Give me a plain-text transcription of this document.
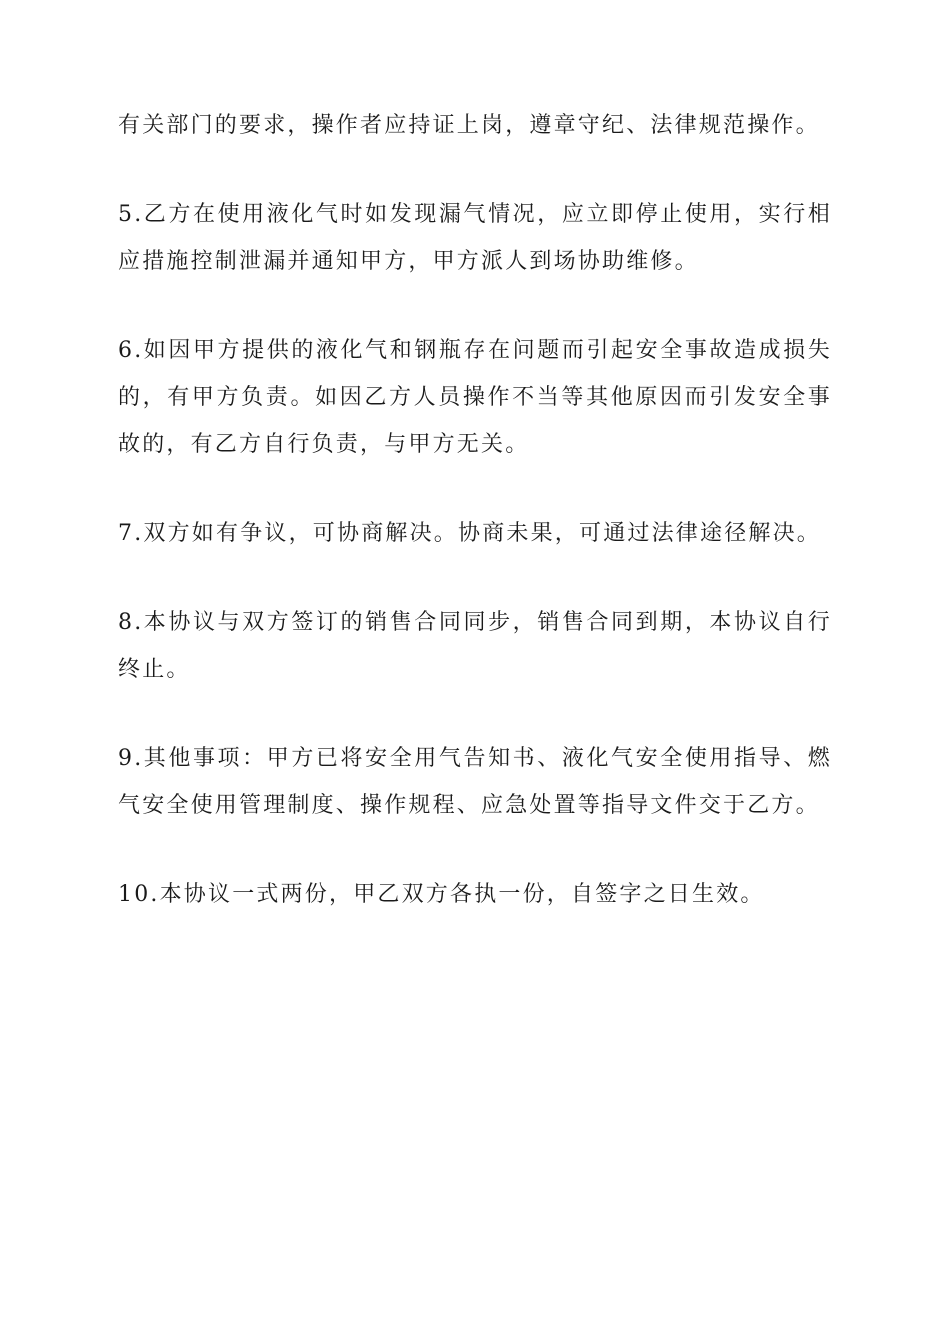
有关部门的要求，操作者应持证上岗，遵章守纪、法律规范操作。

5.乙方在使用液化气时如发现漏气情况，应立即停止使用，实行相应措施控制泄漏并通知甲方，甲方派人到场协助维修。

6.如因甲方提供的液化气和钢瓶存在问题而引起安全事故造成损失的，有甲方负责。如因乙方人员操作不当等其他原因而引发安全事故的，有乙方自行负责，与甲方无关。

7.双方如有争议，可协商解决。协商未果，可通过法律途径解决。

8.本协议与双方签订的销售合同同步，销售合同到期，本协议自行终止。

9.其他事项：甲方已将安全用气告知书、液化气安全使用指导、燃气安全使用管理制度、操作规程、应急处置等指导文件交于乙方。

10.本协议一式两份，甲乙双方各执一份，自签字之日生效。
